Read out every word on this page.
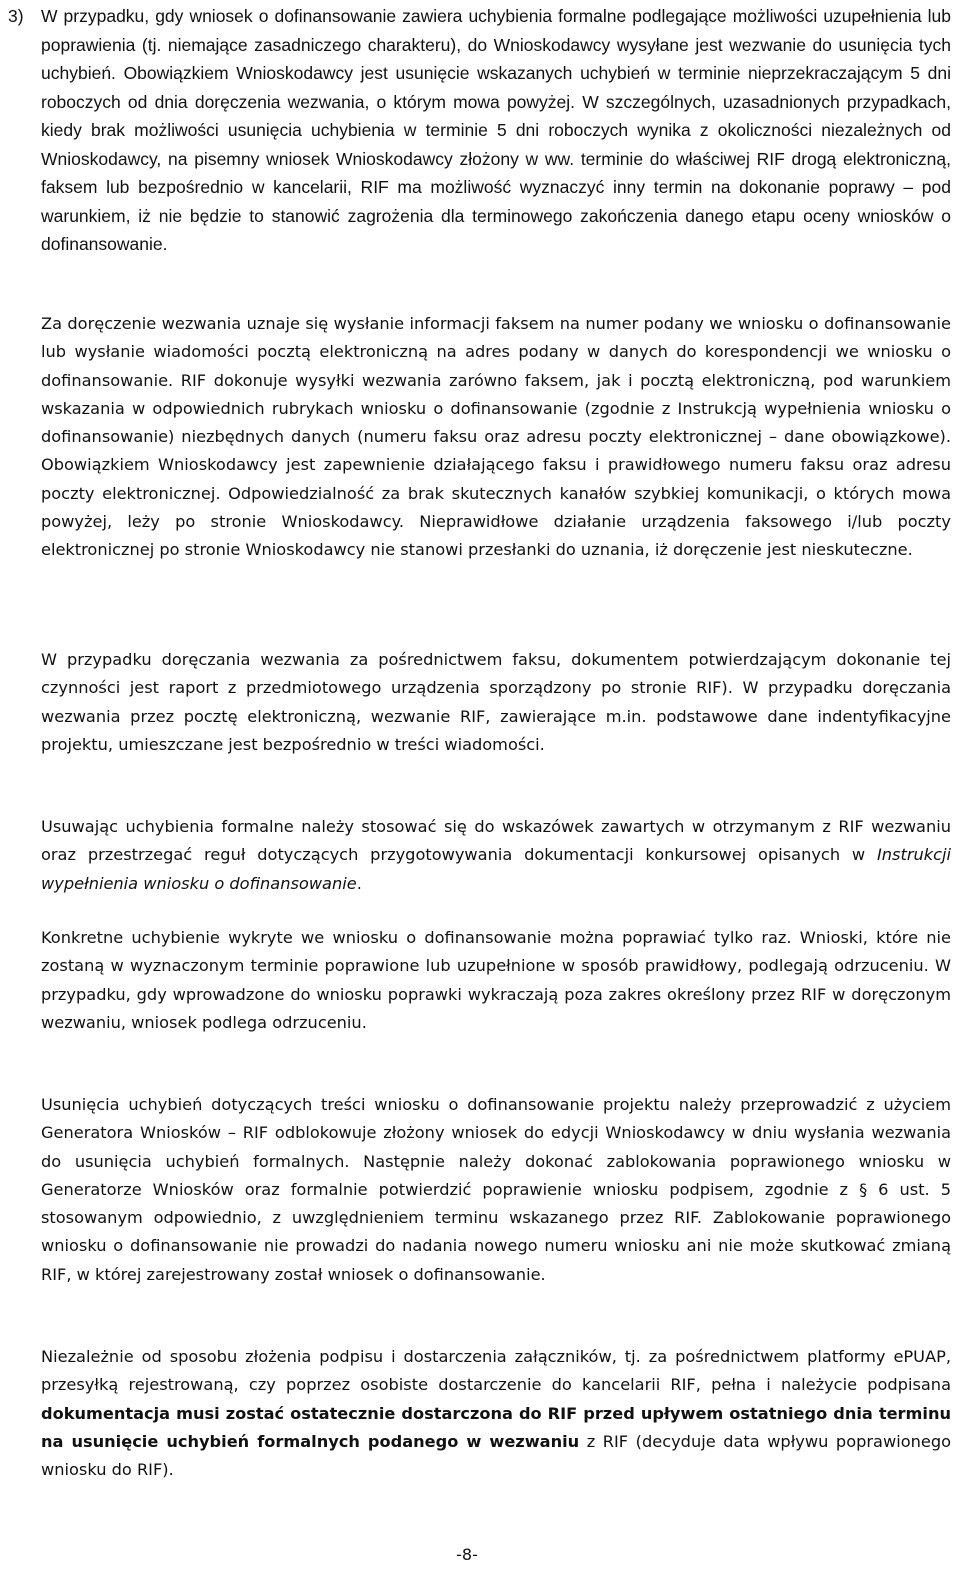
3) W przypadku, gdy wniosek o dofinansowanie zawiera uchybienia formalne podlegające możliwości uzupełnienia lub poprawienia (tj. niemające zasadniczego charakteru), do Wnioskodawcy wysyłane jest wezwanie do usunięcia tych uchybień. Obowiązkiem Wnioskodawcy jest usunięcie wskazanych uchybień w terminie nieprzekraczającym 5 dni roboczych od dnia doręczenia wezwania, o którym mowa powyżej. W szczególnych, uzasadnionych przypadkach, kiedy brak możliwości usunięcia uchybienia w terminie 5 dni roboczych wynika z okoliczności niezależnych od Wnioskodawcy, na pisemny wniosek Wnioskodawcy złożony w ww. terminie do właściwej RIF drogą elektroniczną, faksem lub bezpośrednio w kancelarii, RIF ma możliwość wyznaczyć inny termin na dokonanie poprawy – pod warunkiem, iż nie będzie to stanowić zagrożenia dla terminowego zakończenia danego etapu oceny wniosków o dofinansowanie.

Za doręczenie wezwania uznaje się wysłanie informacji faksem na numer podany we wniosku o dofinansowanie lub wysłanie wiadomości pocztą elektroniczną na adres podany w danych do korespondencji we wniosku o dofinansowanie. RIF dokonuje wysyłki wezwania zarówno faksem, jak i pocztą elektroniczną, pod warunkiem wskazania w odpowiednich rubrykach wniosku o dofinansowanie (zgodnie z Instrukcją wypełnienia wniosku o dofinansowanie) niezbędnych danych (numeru faksu oraz adresu poczty elektronicznej – dane obowiązkowe). Obowiązkiem Wnioskodawcy jest zapewnienie działającego faksu i prawidłowego numeru faksu oraz adresu poczty elektronicznej. Odpowiedzialność za brak skutecznych kanałów szybkiej komunikacji, o których mowa powyżej, leży po stronie Wnioskodawcy. Nieprawidłowe działanie urządzenia faksowego i/lub poczty elektronicznej po stronie Wnioskodawcy nie stanowi przesłanki do uznania, iż doręczenie jest nieskuteczne.

W przypadku doręczania wezwania za pośrednictwem faksu, dokumentem potwierdzającym dokonanie tej czynności jest raport z przedmiotowego urządzenia sporządzony po stronie RIF). W przypadku doręczania wezwania przez pocztę elektroniczną, wezwanie RIF, zawierające m.in. podstawowe dane indentyfikacyjne projektu, umieszczane jest bezpośrednio w treści wiadomości.

Usuwając uchybienia formalne należy stosować się do wskazówek zawartych w otrzymanym z RIF wezwaniu oraz przestrzegać reguł dotyczących przygotowywania dokumentacji konkursowej opisanych w Instrukcji wypełnienia wniosku o dofinansowanie.

Konkretne uchybienie wykryte we wniosku o dofinansowanie można poprawiać tylko raz. Wnioski, które nie zostaną w wyznaczonym terminie poprawione lub uzupełnione w sposób prawidłowy, podlegają odrzuceniu. W przypadku, gdy wprowadzone do wniosku poprawki wykraczają poza zakres określony przez RIF w doręczonym wezwaniu, wniosek podlega odrzuceniu.

Usunięcia uchybień dotyczących treści wniosku o dofinansowanie projektu należy przeprowadzić z użyciem Generatora Wniosków – RIF odblokowuje złożony wniosek do edycji Wnioskodawcy w dniu wysłania wezwania do usunięcia uchybień formalnych. Następnie należy dokonać zablokowania poprawionego wniosku w Generatorze Wniosków oraz formalnie potwierdzić poprawienie wniosku podpisem, zgodnie z § 6 ust. 5 stosowanym odpowiednio, z uwzględnieniem terminu wskazanego przez RIF. Zablokowanie poprawionego wniosku o dofinansowanie nie prowadzi do nadania nowego numeru wniosku ani nie może skutkować zmianą RIF, w której zarejestrowany został wniosek o dofinansowanie.

Niezależnie od sposobu złożenia podpisu i dostarczenia załączników, tj. za pośrednictwem platformy ePUAP, przesyłką rejestrowaną, czy poprzez osobiste dostarczenie do kancelarii RIF, pełna i należycie podpisana dokumentacja musi zostać ostatecznie dostarczona do RIF przed upływem ostatniego dnia terminu na usunięcie uchybień formalnych podanego w wezwaniu z RIF (decyduje data wpływu poprawionego wniosku do RIF).

-8-
